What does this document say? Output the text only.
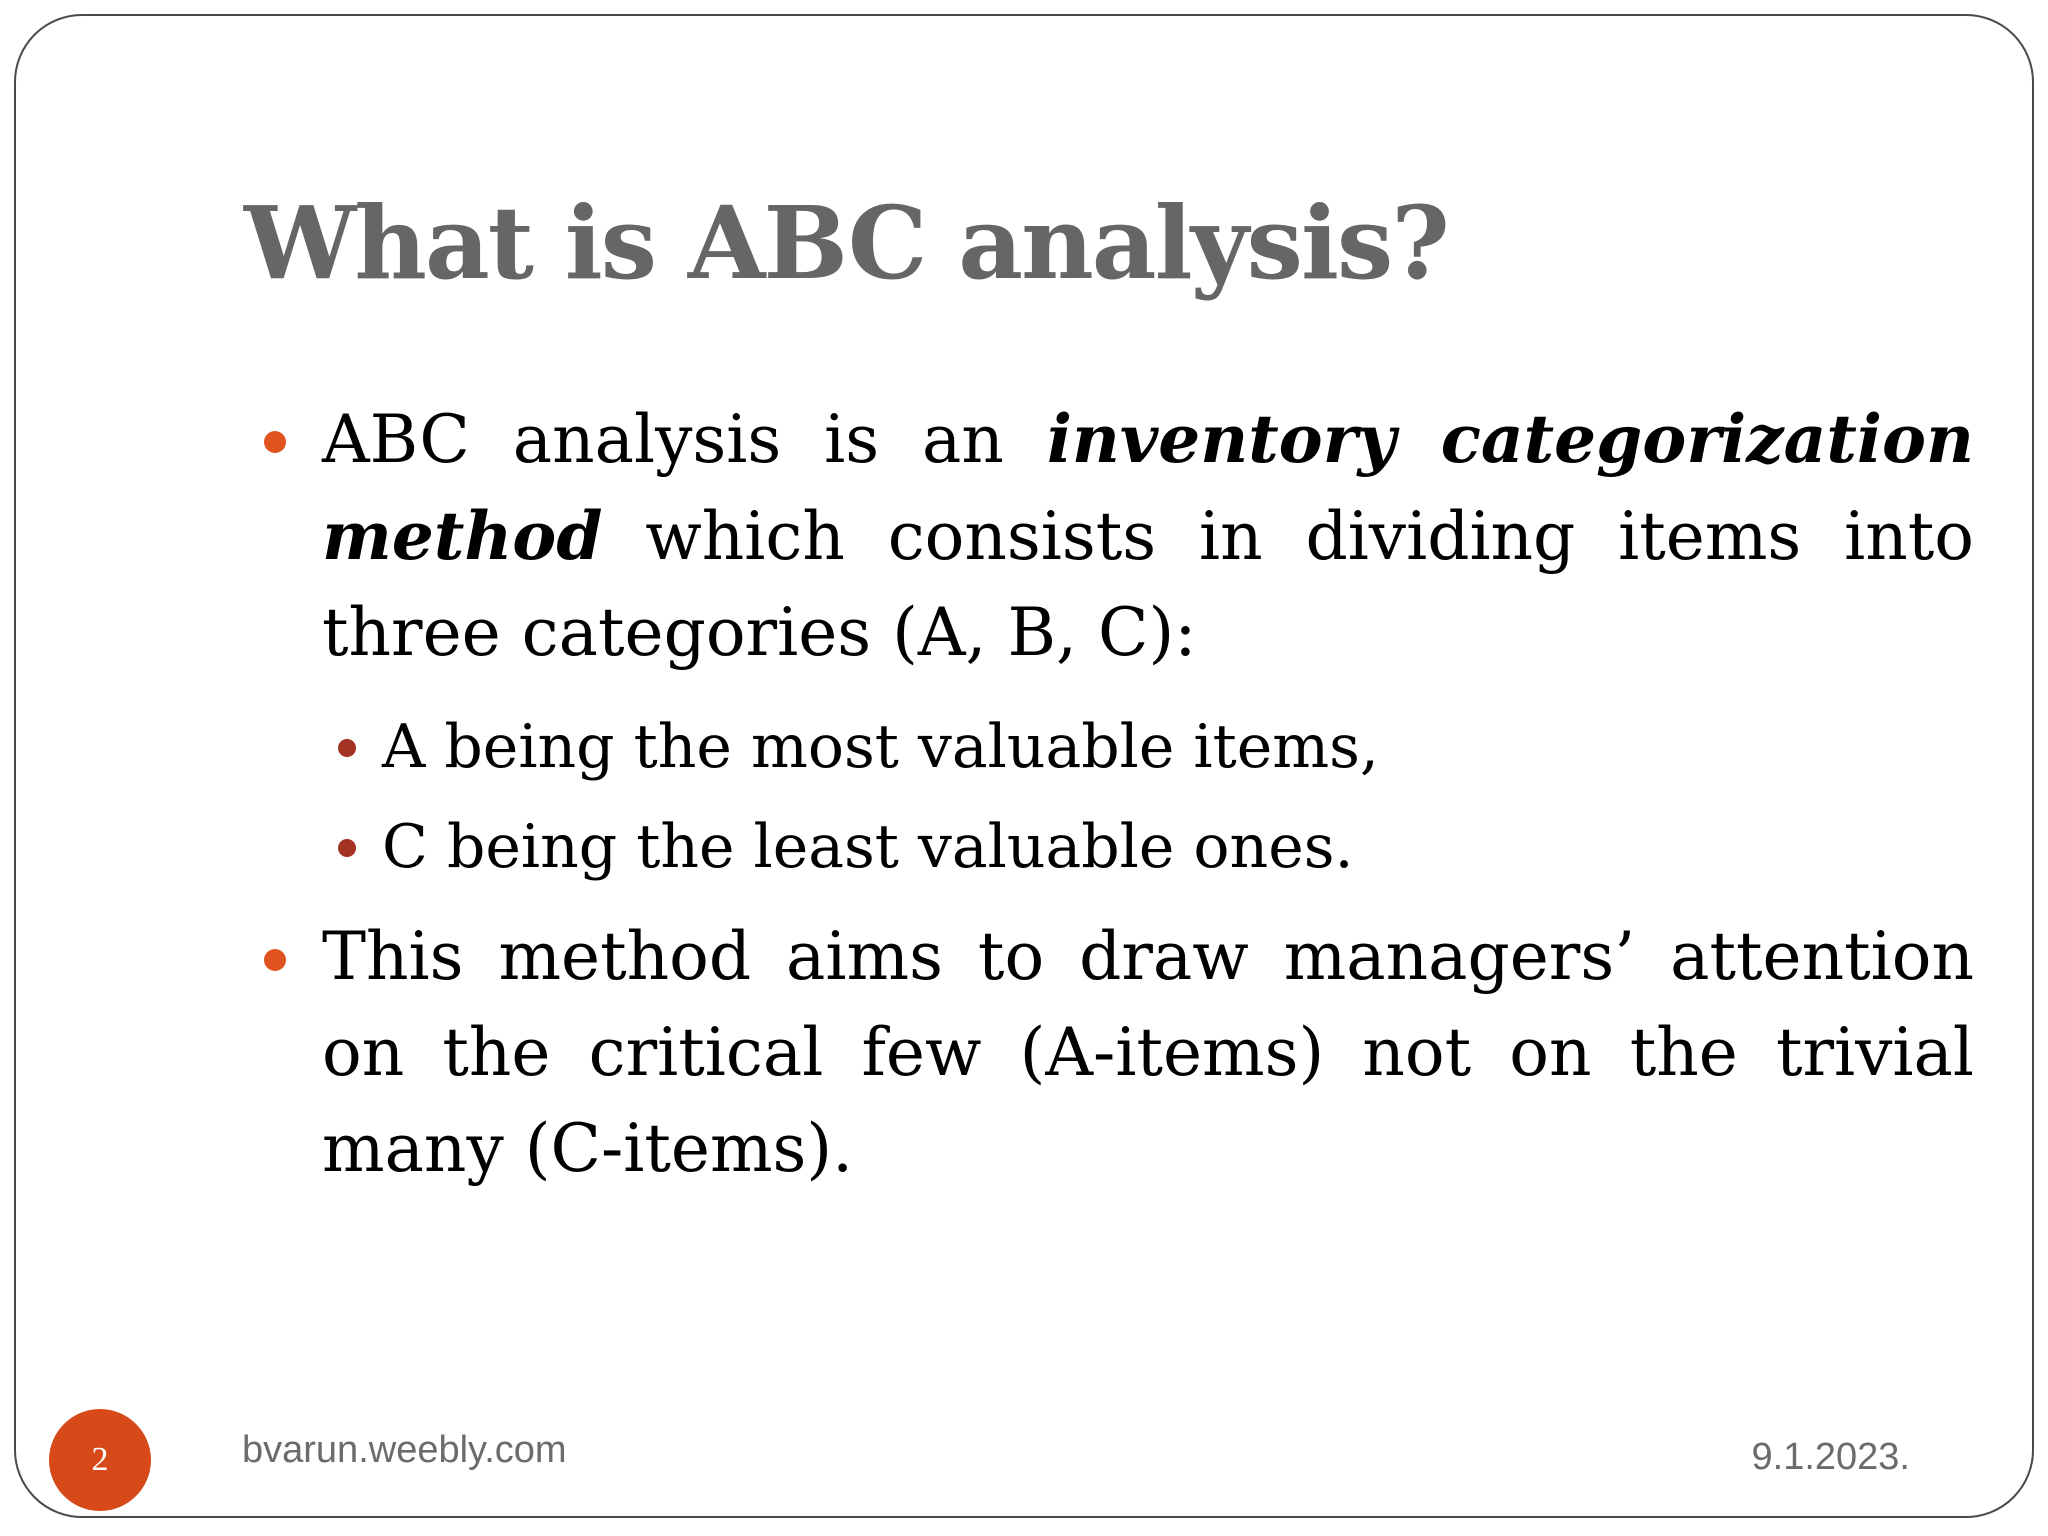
What is ABC analysis?

ABC analysis is an inventory categorization method which consists in dividing items into three categories (A, B, C):

A being the most valuable items,

C being the least valuable ones.

This method aims to draw managers’ attention on the critical few (A-items) not on the trivial many (C-items).

2	bvarun.weebly.com	9.1.2023.
